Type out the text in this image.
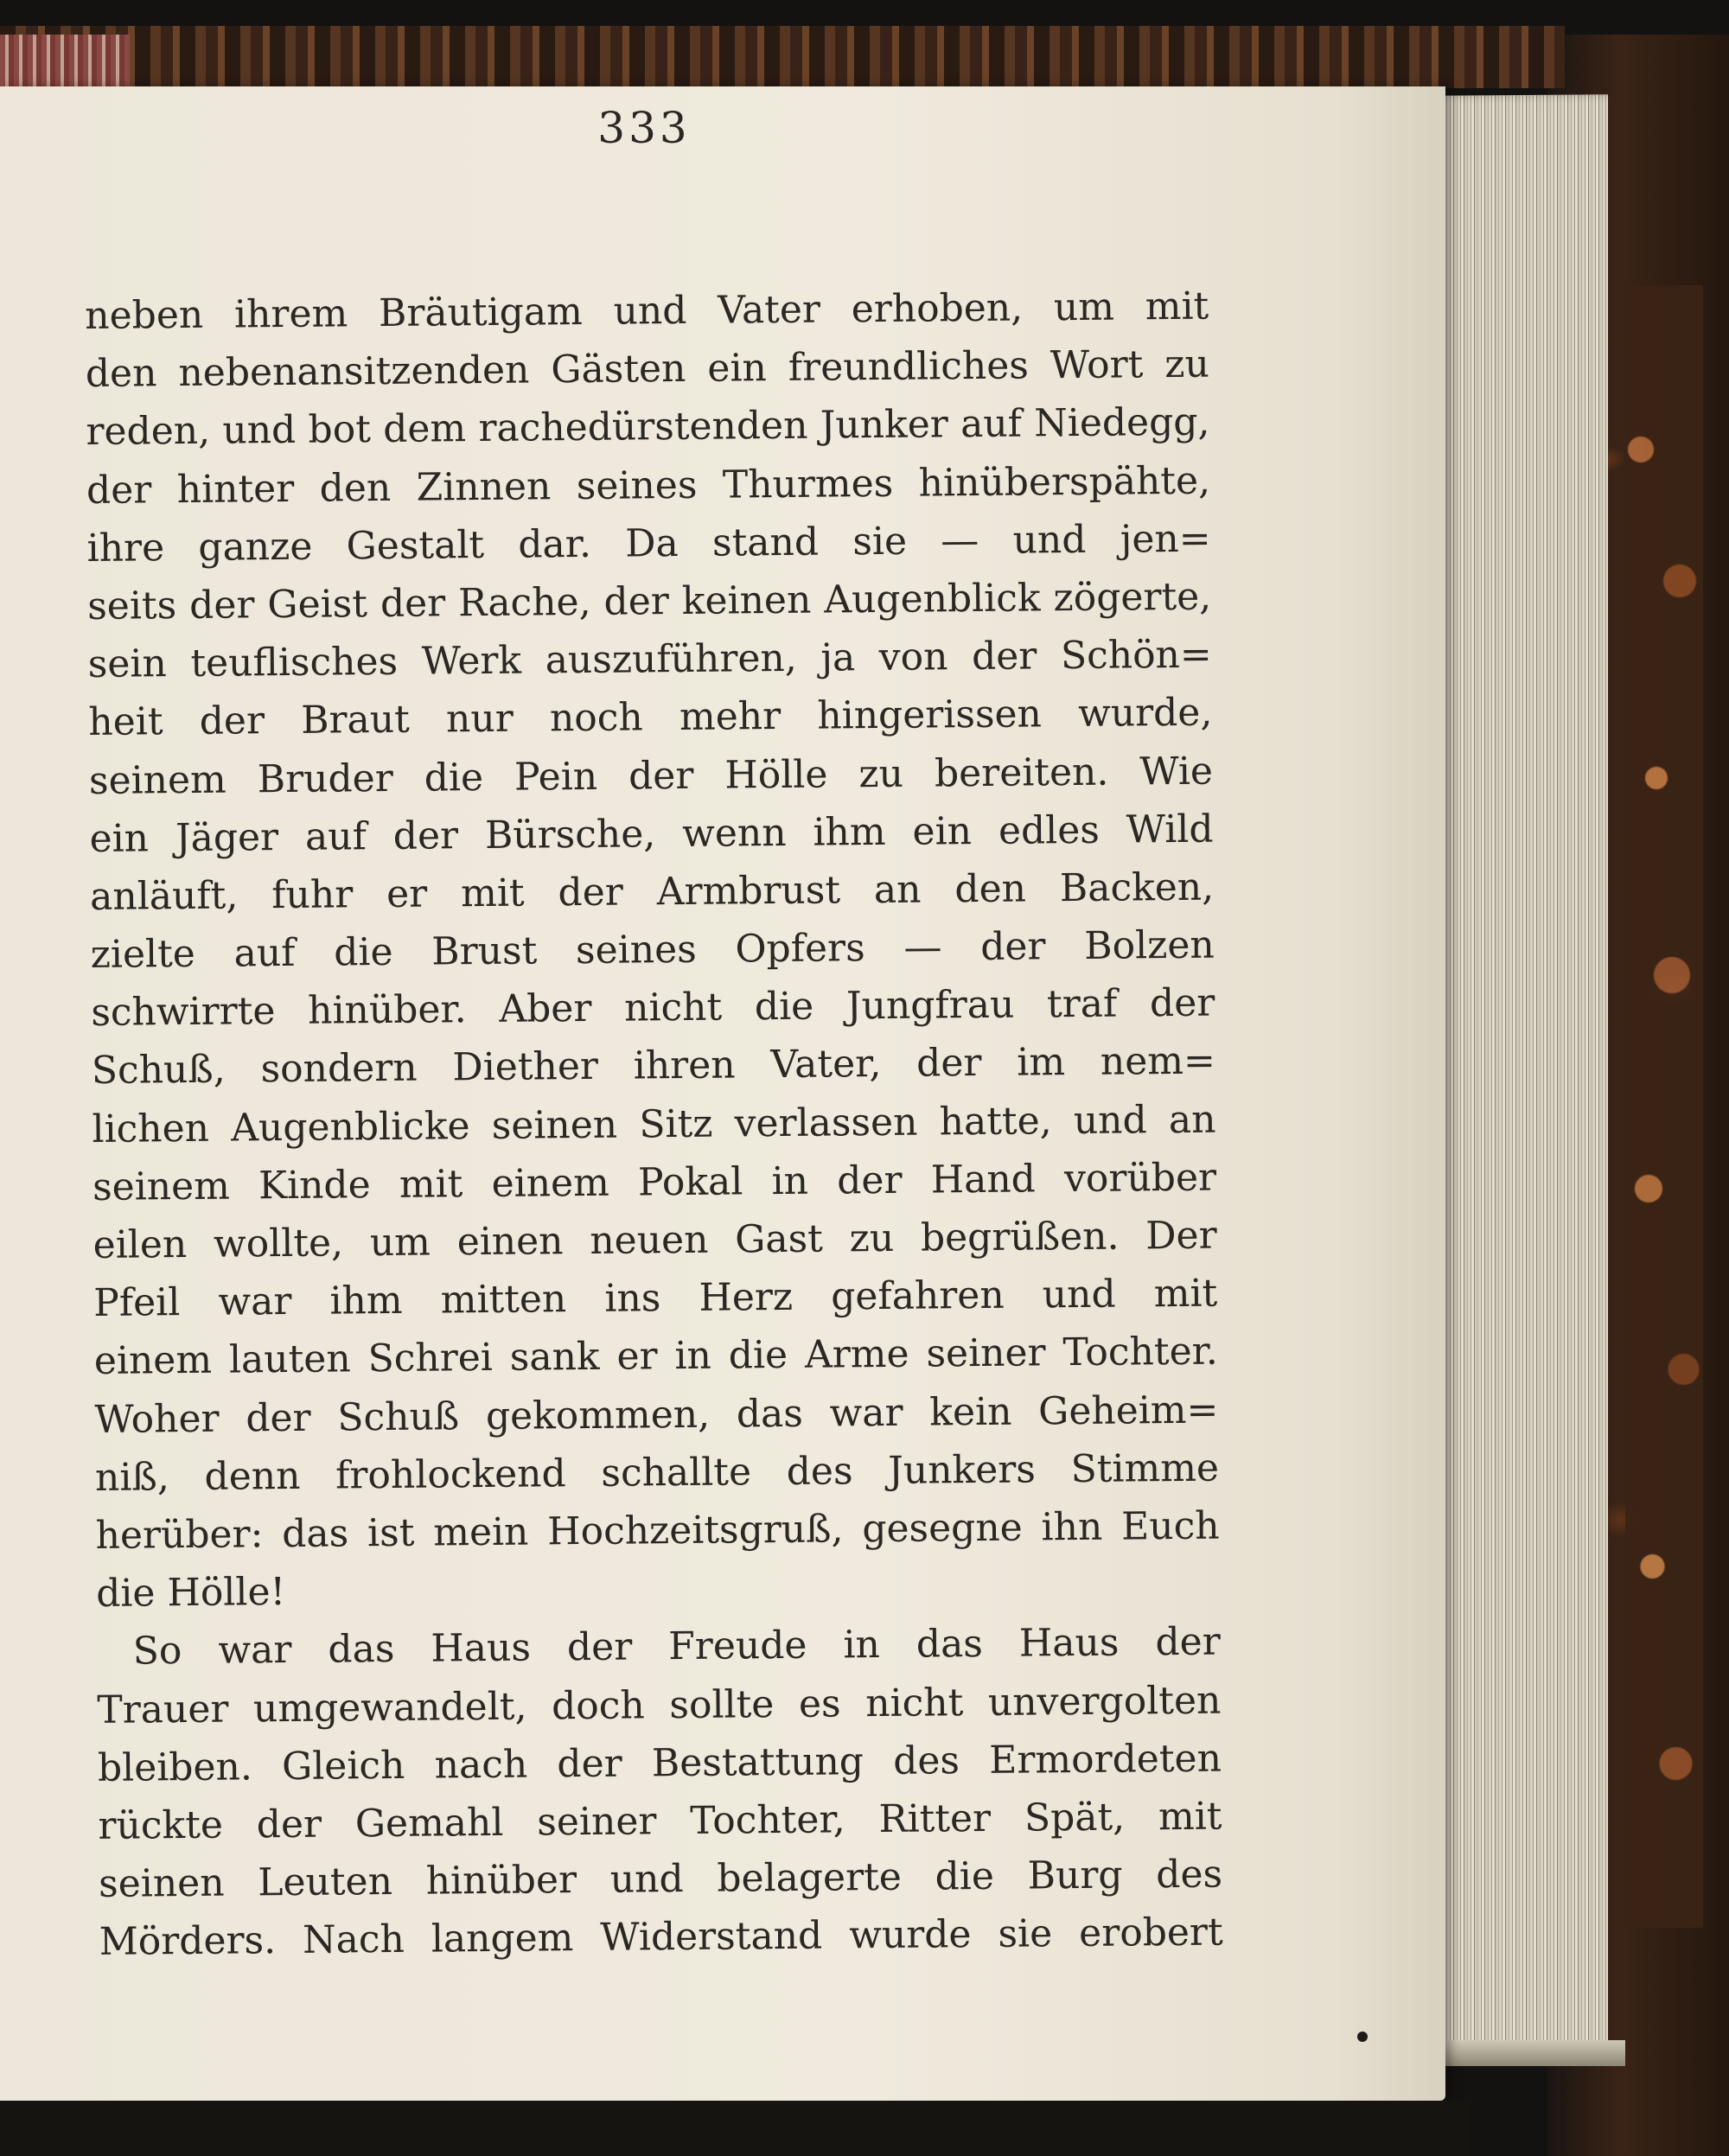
333
neben ihrem Bräutigam und Vater erhoben, um mit
den nebenansitzenden Gästen ein freundliches Wort zu
reden, und bot dem rachedürstenden Junker auf Niedegg,
der hinter den Zinnen seines Thurmes hinüberspähte,
ihre ganze Gestalt dar. Da stand sie — und jen=
seits der Geist der Rache, der keinen Augenblick zögerte,
sein teuflisches Werk auszuführen, ja von der Schön=
heit der Braut nur noch mehr hingerissen wurde,
seinem Bruder die Pein der Hölle zu bereiten. Wie
ein Jäger auf der Bürsche, wenn ihm ein edles Wild
anläuft, fuhr er mit der Armbrust an den Backen,
zielte auf die Brust seines Opfers — der Bolzen
schwirrte hinüber. Aber nicht die Jungfrau traf der
Schuß, sondern Diether ihren Vater, der im nem=
lichen Augenblicke seinen Sitz verlassen hatte, und an
seinem Kinde mit einem Pokal in der Hand vorüber
eilen wollte, um einen neuen Gast zu begrüßen. Der
Pfeil war ihm mitten ins Herz gefahren und mit
einem lauten Schrei sank er in die Arme seiner Tochter.
Woher der Schuß gekommen, das war kein Geheim=
niß, denn frohlockend schallte des Junkers Stimme
herüber: das ist mein Hochzeitsgruß, gesegne ihn Euch
die Hölle!
So war das Haus der Freude in das Haus der
Trauer umgewandelt, doch sollte es nicht unvergolten
bleiben. Gleich nach der Bestattung des Ermordeten
rückte der Gemahl seiner Tochter, Ritter Spät, mit
seinen Leuten hinüber und belagerte die Burg des
Mörders. Nach langem Widerstand wurde sie erobert
